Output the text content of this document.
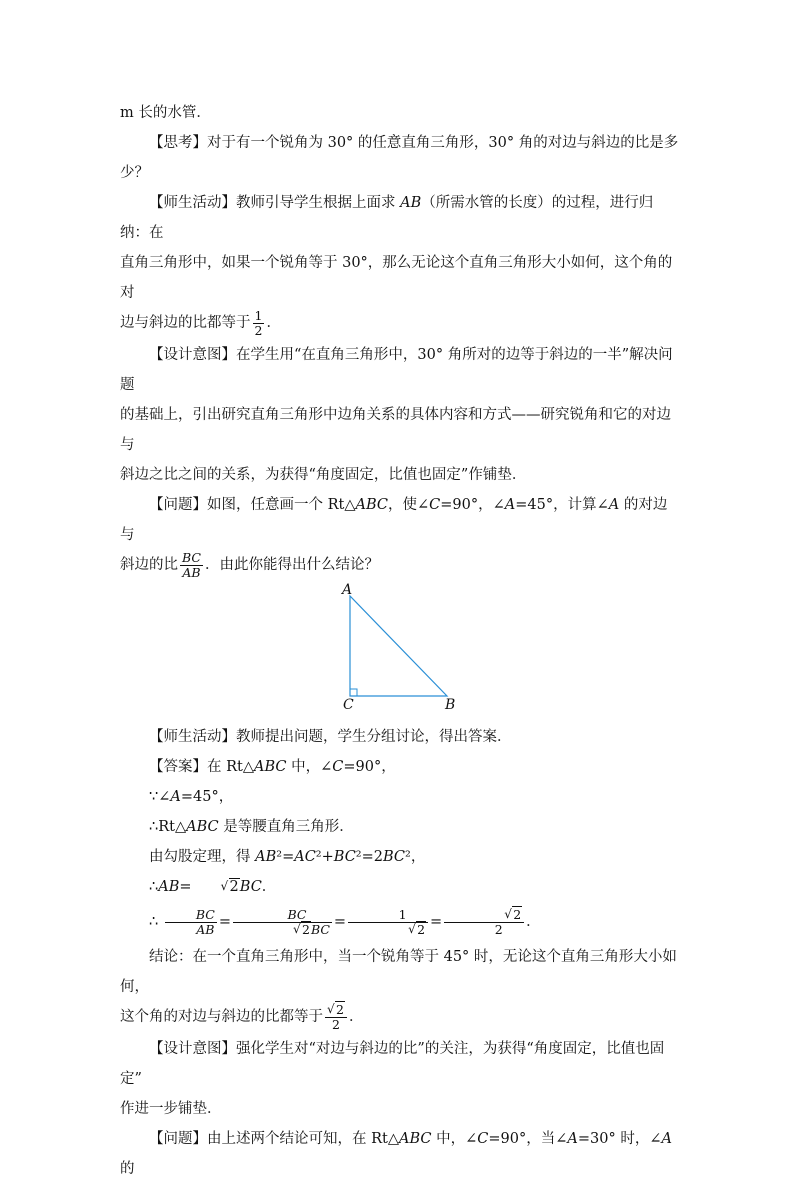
m 长的水管．

【思考】对于有一个锐角为 30° 的任意直角三角形，30° 角的对边与斜边的比是多少？

【师生活动】教师引导学生根据上面求 AB（所需水管的长度）的过程，进行归纳：在

直角三角形中，如果一个锐角等于 30°，那么无论这个直角三角形大小如何，这个角的对

边与斜边的比都等于 $\frac{1}{2}$ ．

【设计意图】在学生用“在直角三角形中，30° 角所对的边等于斜边的一半”解决问题

的基础上，引出研究直角三角形中边角关系的具体内容和方式——研究锐角和它的对边与

斜边之比之间的关系，为获得“角度固定，比值也固定”作铺垫．

【问题】如图，任意画一个 Rt△ABC，使∠C=90°，∠A=45°，计算∠A 的对边与

斜边的比 $\frac{BC}{AB}$ ．由此你能得出什么结论？

A
C	B

【师生活动】教师提出问题，学生分组讨论，得出答案．

【答案】在 Rt△ABC 中，∠C=90°，

∵∠A=45°，

∴Rt△ABC 是等腰直角三角形．

由勾股定理，得 AB²=AC²+BC²=2BC²，

∴AB=	√ 2BC．

∴ $\frac{BC}{AB}$ = BC
√ 2BC = 1
√ 2 = √ $\frac{2}{2}$ ．

结论：在一个直角三角形中，当一个锐角等于 45° 时，无论这个直角三角形大小如何，

这个角的对边与斜边的比都等于 √ $\frac{2}{2}$ ．

【设计意图】强化学生对“对边与斜边的比”的关注，为获得“角度固定，比值也固定”

作进一步铺垫．

【问题】由上述两个结论可知，在 Rt△ABC 中，∠C=90°，当∠A=30° 时，∠A 的
